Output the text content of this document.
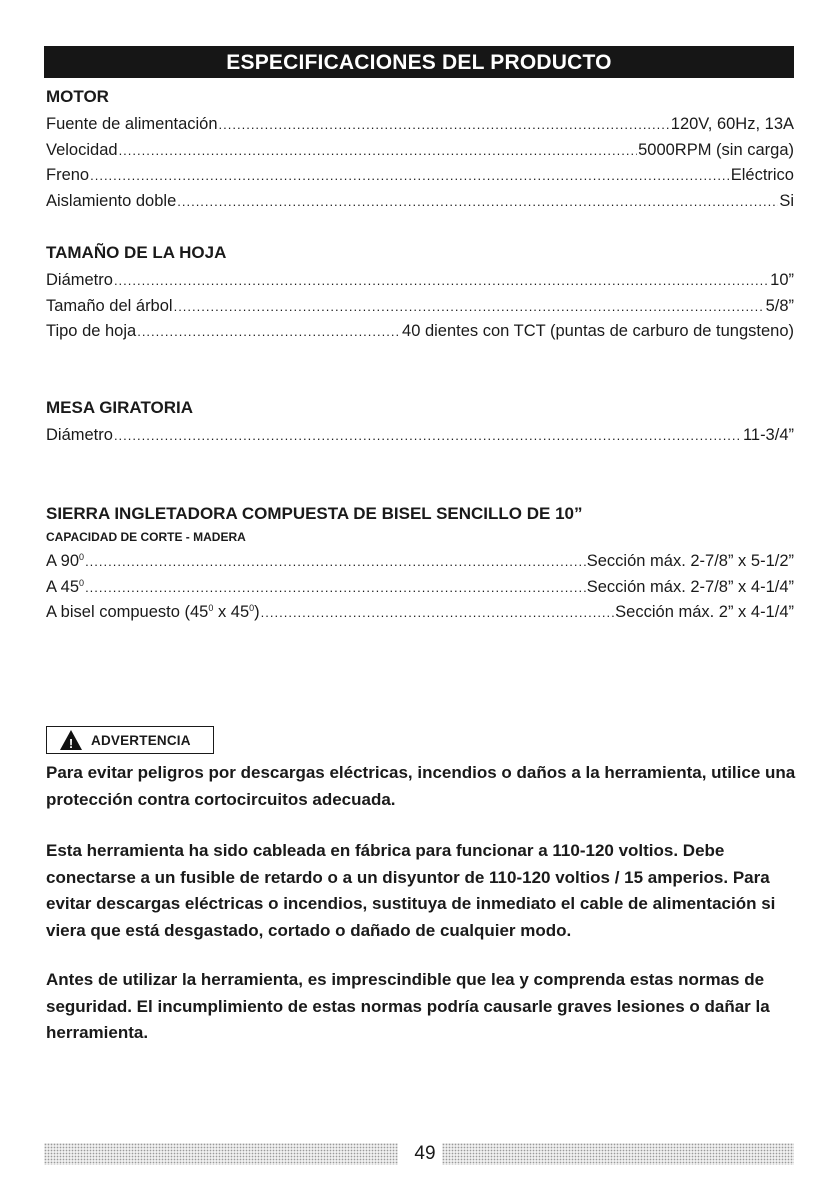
ESPECIFICACIONES DEL PRODUCTO
MOTOR
Fuente de alimentación .....	120V, 60Hz, 13A
Velocidad .....	5000RPM (sin carga)
Freno .....	Eléctrico
Aislamiento doble .....	Si
TAMAÑO DE LA HOJA
Diámetro .....	10”
Tamaño del árbol .....	5/8”
Tipo de hoja .....	40 dientes con TCT (puntas de carburo de tungsteno)
MESA GIRATORIA
Diámetro .....	11-3/4”
SIERRA INGLETADORA COMPUESTA DE BISEL SENCILLO DE 10”
CAPACIDAD DE CORTE - MADERA
A $90^0$ .....	Sección máx. 2-7/8” x 5-1/2”
A $45^0$ .....	Sección máx. 2-7/8” x 4-1/4”
A bisel compuesto ($45^0$ x $45^0$) .....	Sección máx. 2” x 4-1/4”
! ADVERTENCIA
Para evitar peligros por descargas eléctricas, incendios o daños a la herramienta, utilice una protección contra cortocircuitos adecuada.
Esta herramienta ha sido cableada en fábrica para funcionar a 110-120 voltios. Debe conectarse a un fusible de retardo o a un disyuntor de 110-120 voltios / 15 amperios. Para evitar descargas eléctricas o incendios, sustituya de inmediato el cable de alimentación si viera que está desgastado, cortado o dañado de cualquier modo.
Antes de utilizar la herramienta, es imprescindible que lea y comprenda estas normas de seguridad. El incumplimiento de estas normas podría causarle graves lesiones o dañar la herramienta.
49
